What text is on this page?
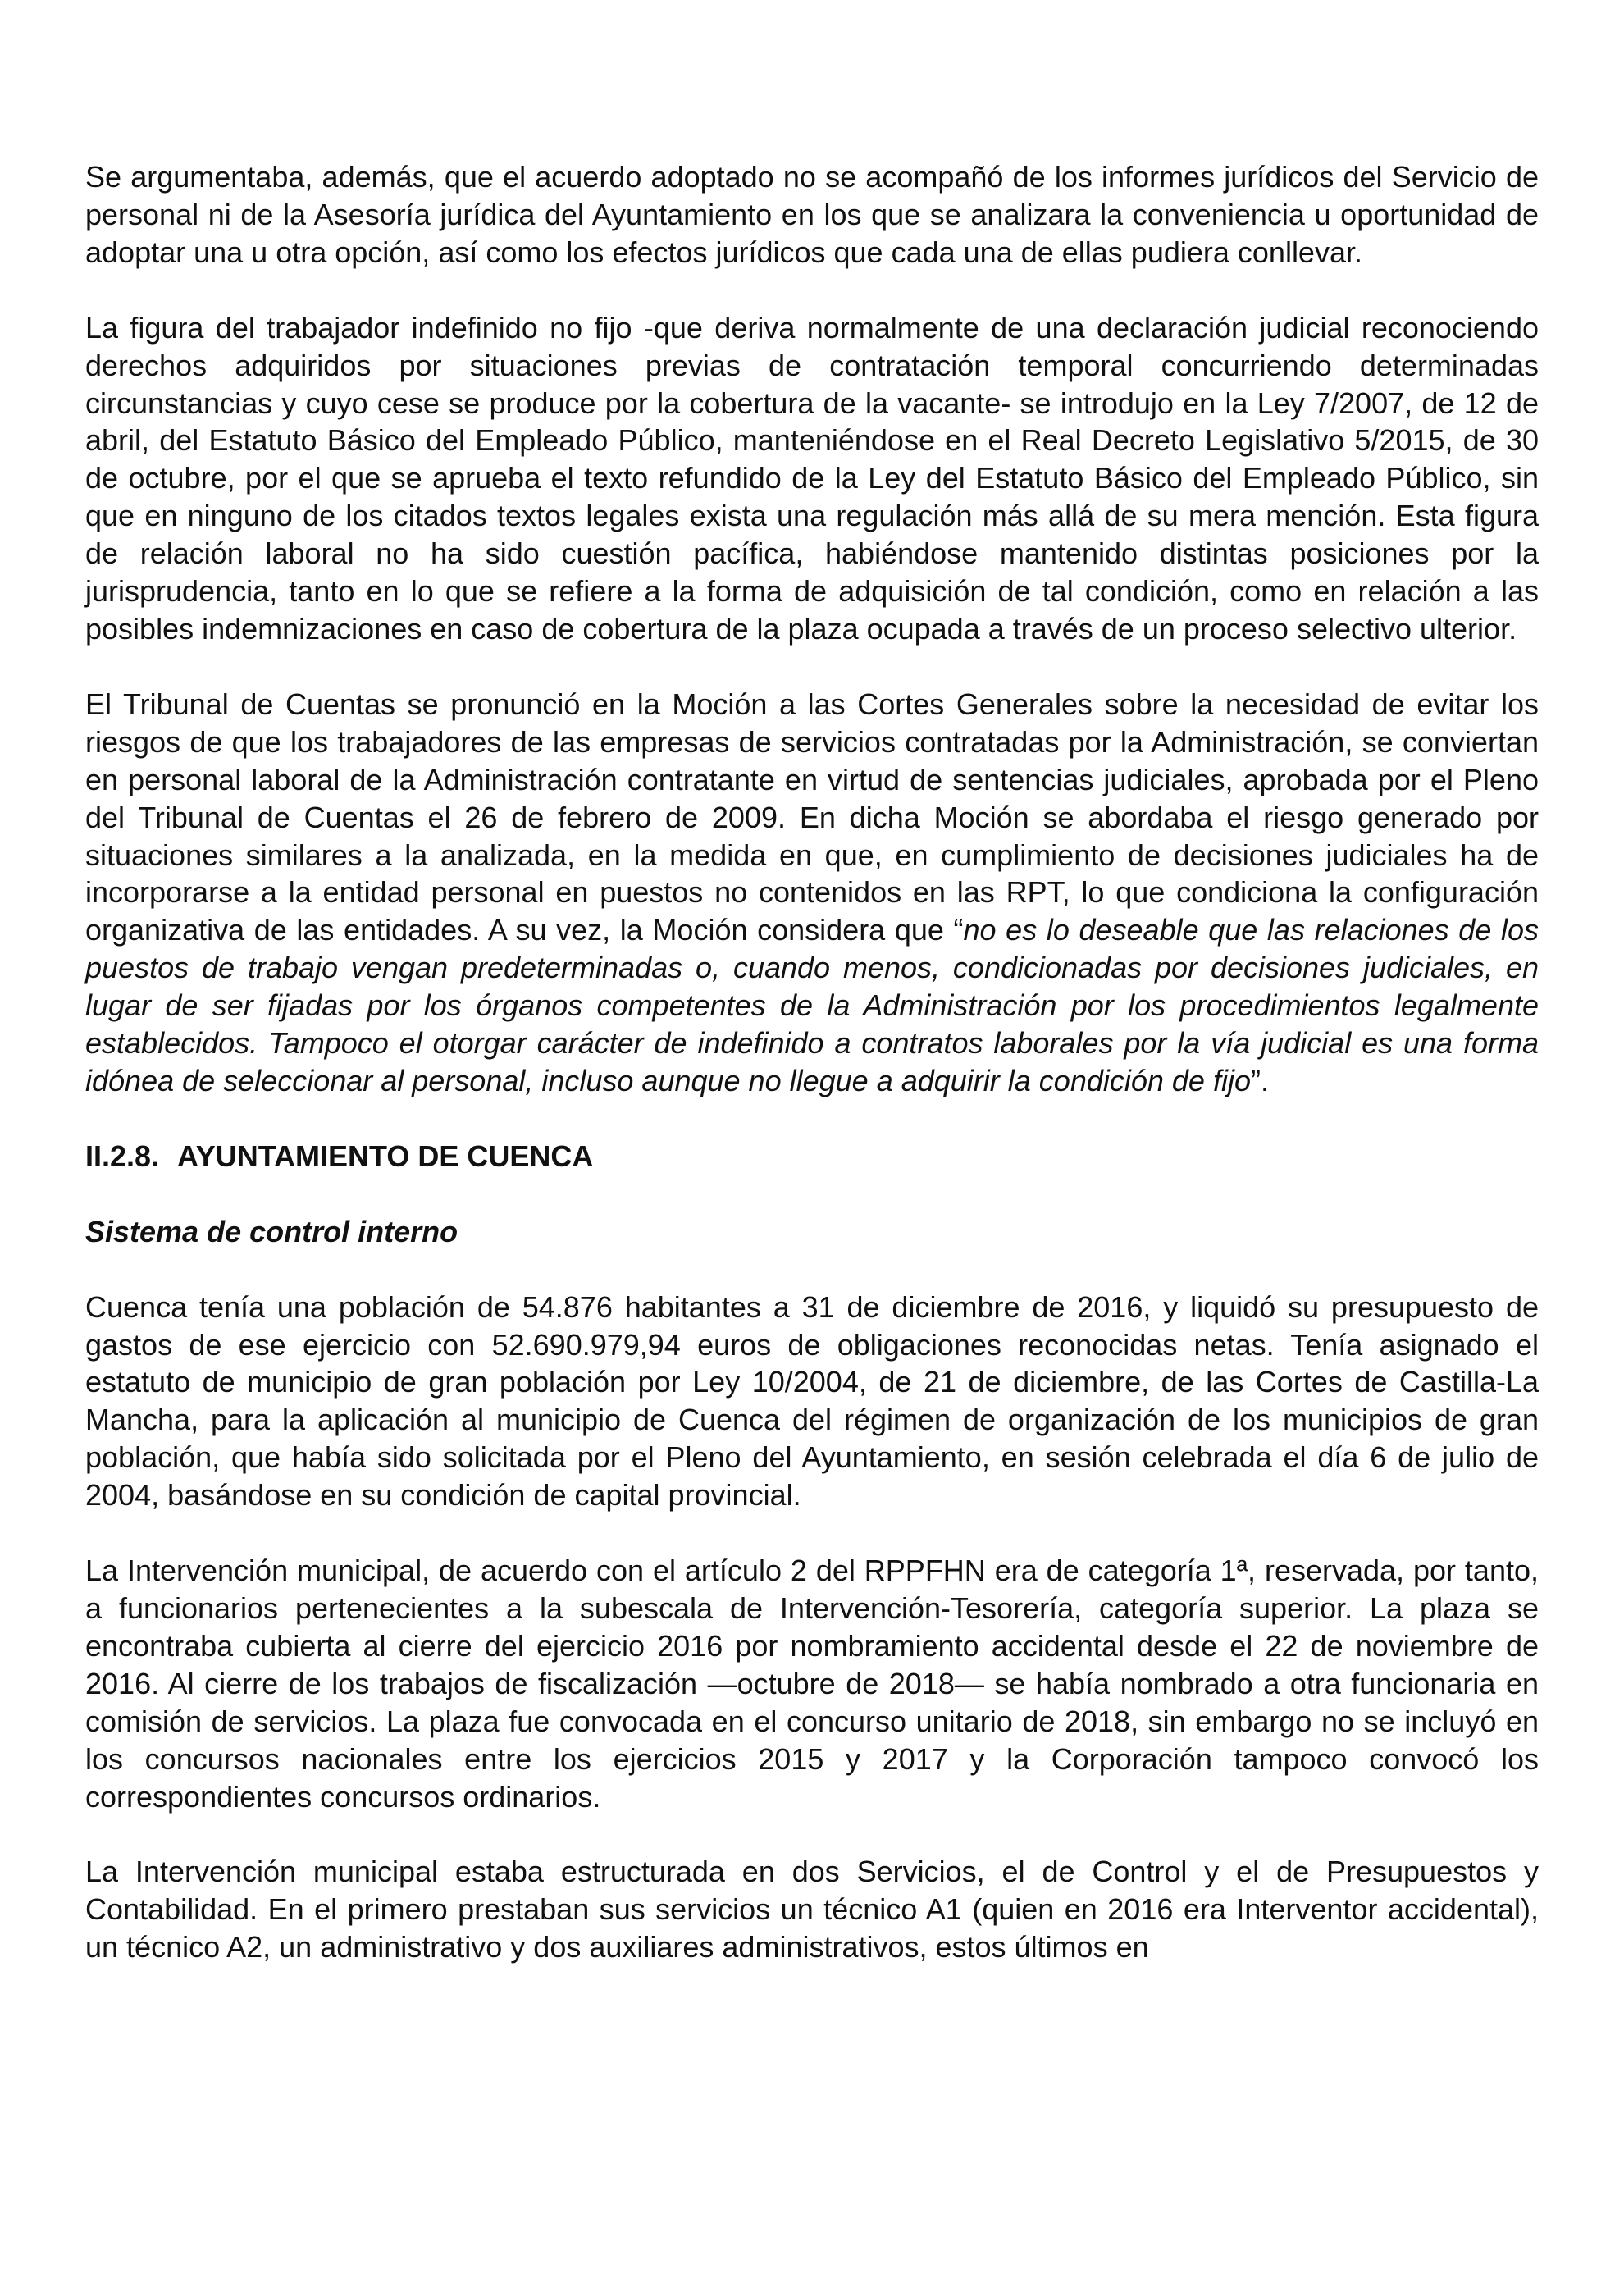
Se argumentaba, además, que el acuerdo adoptado no se acompañó de los informes jurídicos del Servicio de personal ni de la Asesoría jurídica del Ayuntamiento en los que se analizara la conveniencia u oportunidad de adoptar una u otra opción, así como los efectos jurídicos que cada una de ellas pudiera conllevar.

La figura del trabajador indefinido no fijo -que deriva normalmente de una declaración judicial reconociendo derechos adquiridos por situaciones previas de contratación temporal concurriendo determinadas circunstancias y cuyo cese se produce por la cobertura de la vacante- se introdujo en la Ley 7/2007, de 12 de abril, del Estatuto Básico del Empleado Público, manteniéndose en el Real Decreto Legislativo 5/2015, de 30 de octubre, por el que se aprueba el texto refundido de la Ley del Estatuto Básico del Empleado Público, sin que en ninguno de los citados textos legales exista una regulación más allá de su mera mención. Esta figura de relación laboral no ha sido cuestión pacífica, habiéndose mantenido distintas posiciones por la jurisprudencia, tanto en lo que se refiere a la forma de adquisición de tal condición, como en relación a las posibles indemnizaciones en caso de cobertura de la plaza ocupada a través de un proceso selectivo ulterior.

El Tribunal de Cuentas se pronunció en la Moción a las Cortes Generales sobre la necesidad de evitar los riesgos de que los trabajadores de las empresas de servicios contratadas por la Administración, se conviertan en personal laboral de la Administración contratante en virtud de sentencias judiciales, aprobada por el Pleno del Tribunal de Cuentas el 26 de febrero de 2009. En dicha Moción se abordaba el riesgo generado por situaciones similares a la analizada, en la medida en que, en cumplimiento de decisiones judiciales ha de incorporarse a la entidad personal en puestos no contenidos en las RPT, lo que condiciona la configuración organizativa de las entidades. A su vez, la Moción considera que “no es lo deseable que las relaciones de los puestos de trabajo vengan predeterminadas o, cuando menos, condicionadas por decisiones judiciales, en lugar de ser fijadas por los órganos competentes de la Administración por los procedimientos legalmente establecidos. Tampoco el otorgar carácter de indefinido a contratos laborales por la vía judicial es una forma idónea de seleccionar al personal, incluso aunque no llegue a adquirir la condición de fijo”.

II.2.8. AYUNTAMIENTO DE CUENCA
Sistema de control interno

Cuenca tenía una población de 54.876 habitantes a 31 de diciembre de 2016, y liquidó su presupuesto de gastos de ese ejercicio con 52.690.979,94 euros de obligaciones reconocidas netas. Tenía asignado el estatuto de municipio de gran población por Ley 10/2004, de 21 de diciembre, de las Cortes de Castilla-La Mancha, para la aplicación al municipio de Cuenca del régimen de organización de los municipios de gran población, que había sido solicitada por el Pleno del Ayuntamiento, en sesión celebrada el día 6 de julio de 2004, basándose en su condición de capital provincial.

La Intervención municipal, de acuerdo con el artículo 2 del RPPFHN era de categoría 1ª, reservada, por tanto, a funcionarios pertenecientes a la subescala de Intervención-Tesorería, categoría superior. La plaza se encontraba cubierta al cierre del ejercicio 2016 por nombramiento accidental desde el 22 de noviembre de 2016. Al cierre de los trabajos de fiscalización —octubre de 2018— se había nombrado a otra funcionaria en comisión de servicios. La plaza fue convocada en el concurso unitario de 2018, sin embargo no se incluyó en los concursos nacionales entre los ejercicios 2015 y 2017 y la Corporación tampoco convocó los correspondientes concursos ordinarios.

La Intervención municipal estaba estructurada en dos Servicios, el de Control y el de Presupuestos y Contabilidad. En el primero prestaban sus servicios un técnico A1 (quien en 2016 era Interventor accidental), un técnico A2, un administrativo y dos auxiliares administrativos, estos últimos en
